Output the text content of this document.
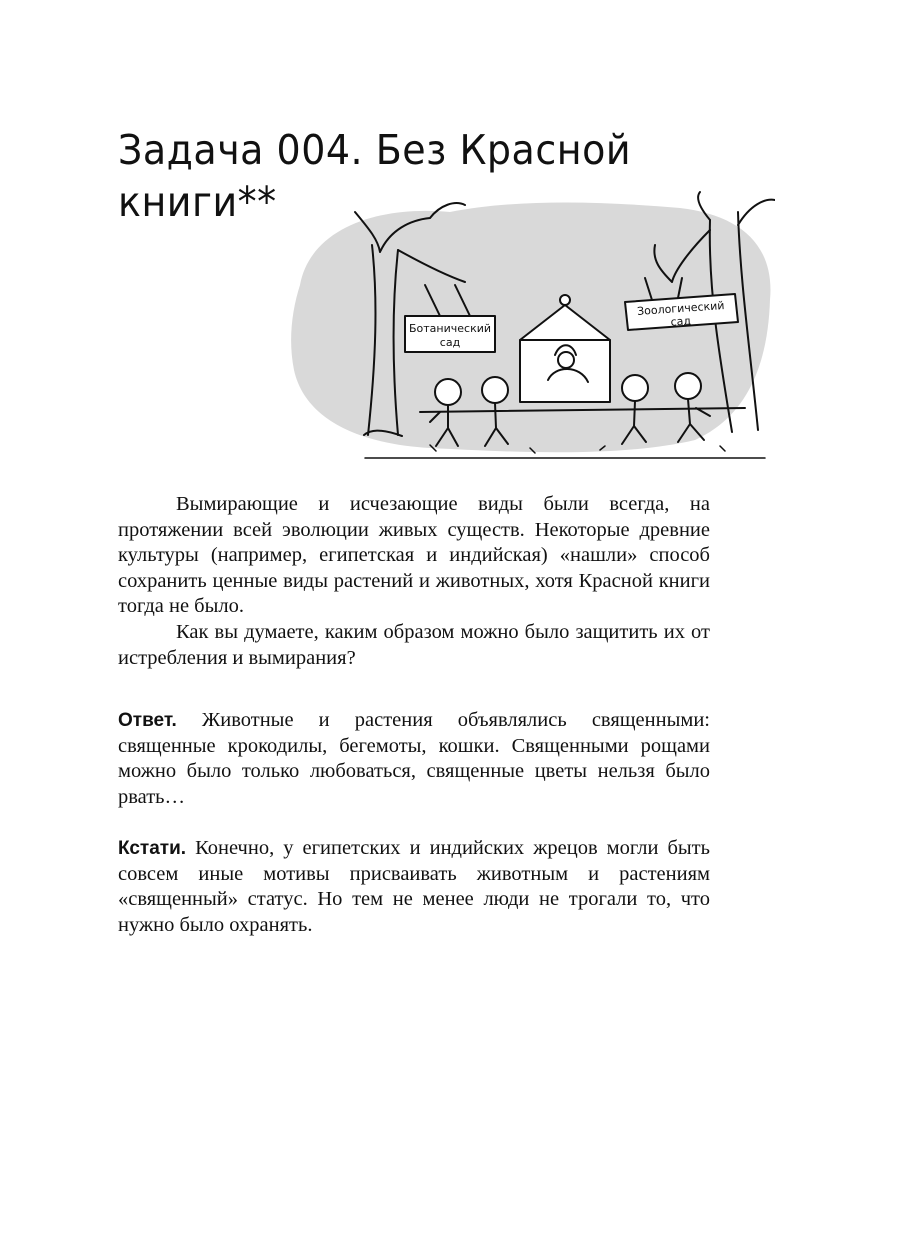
Задача 004. Без Красной книги**
Ботанический
сад
Зоологический
сад

Вымирающие и исчезающие виды были всегда, на протяжении всей эволюции живых существ. Некоторые древние культуры (например, египетская и индийская) «нашли» способ сохранить ценные виды растений и животных, хотя Красной книги тогда не было.

Как вы думаете, каким образом можно было защитить их от истребления и вымирания?

Ответ. Животные и растения объявлялись священными: священные крокодилы, бегемоты, кошки. Священными рощами можно было только любоваться, священные цветы нельзя было рвать…

Кстати. Конечно, у египетских и индийских жрецов могли быть совсем иные мотивы присваивать животным и растениям «священный» статус. Но тем не менее люди не трогали то, что нужно было охранять.
